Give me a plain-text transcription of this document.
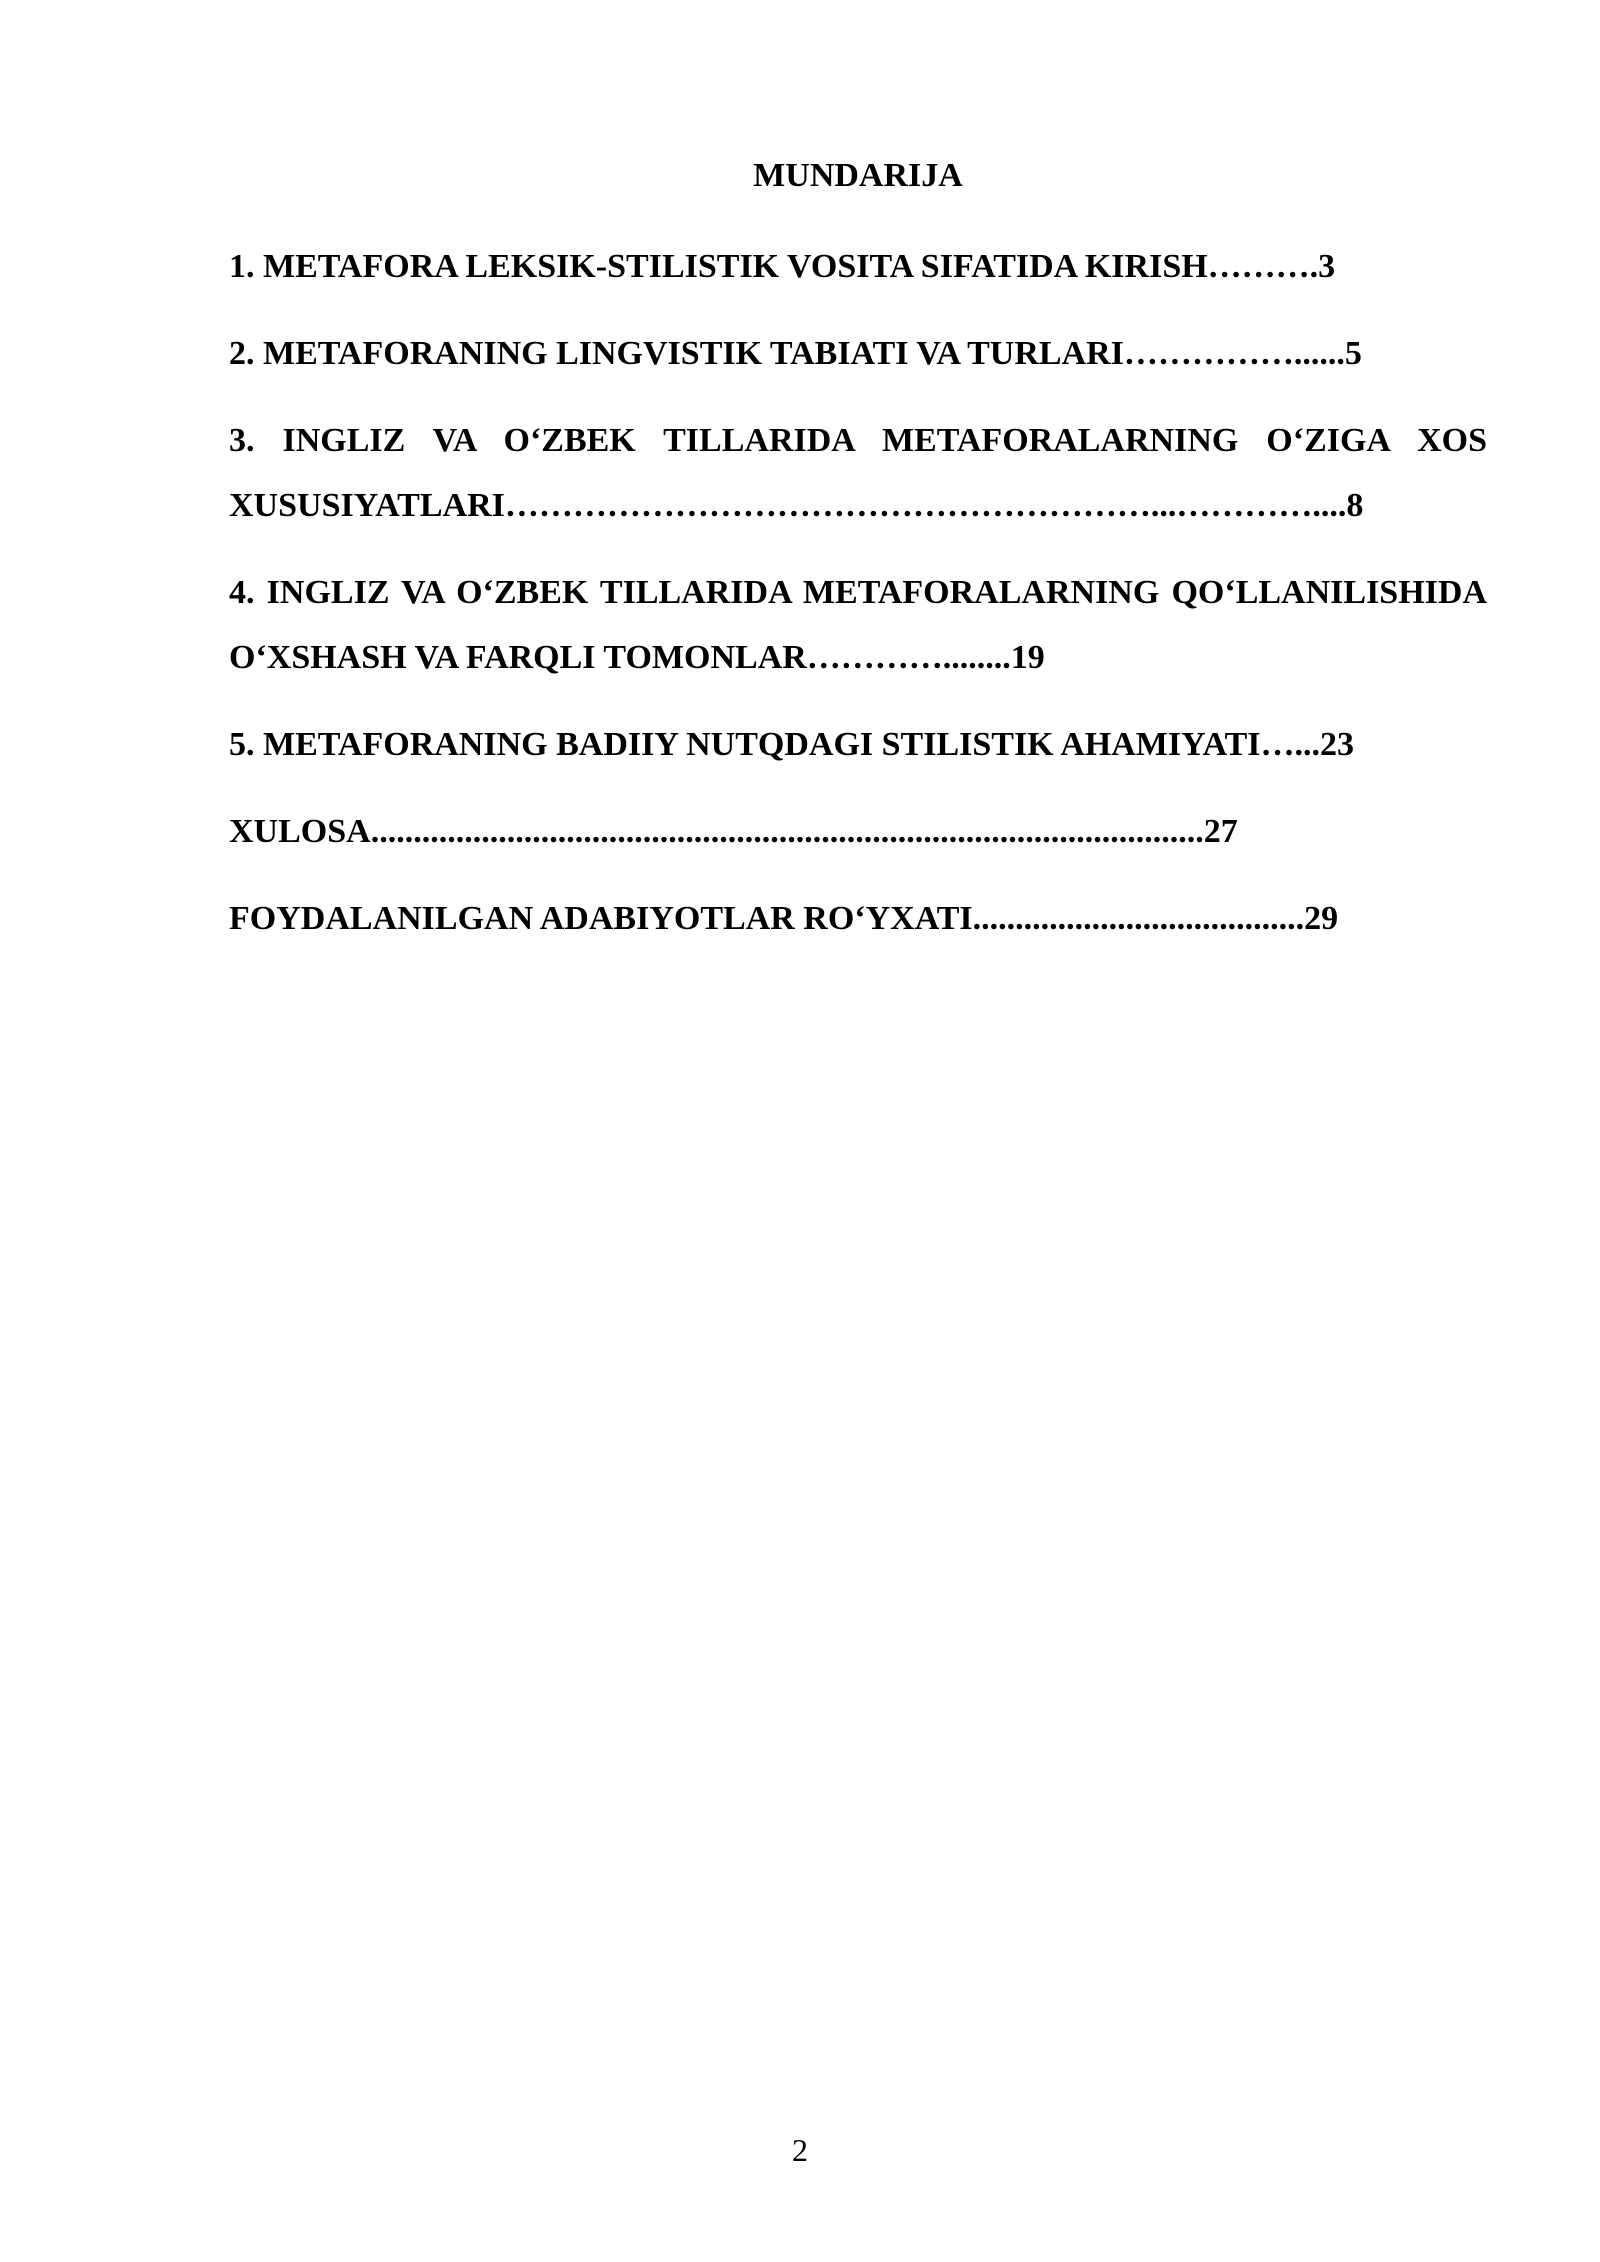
MUNDARIJA
1. METAFORA LEKSIK-STILISTIK VOSITA SIFATIDA KIRISH……….3
2. METAFORANING LINGVISTIK TABIATI VA TURLARI……………......5
3. INGLIZ VA O‘ZBEK TILLARIDA METAFORALARNING O‘ZIGA XOS XUSUSIYATLARI…………………………………………………...…………....8
4. INGLIZ VA O‘ZBEK TILLARIDA METAFORALARNING QO‘LLANILISHIDA O‘XSHASH VA FARQLI TOMONLAR…………........19
5. METAFORANING BADIIY NUTQDAGI STILISTIK AHAMIYATI…...23
XULOSA..................................................................................................27
FOYDALANILGAN ADABIYOTLAR RO‘YXATI.......................................29
2
